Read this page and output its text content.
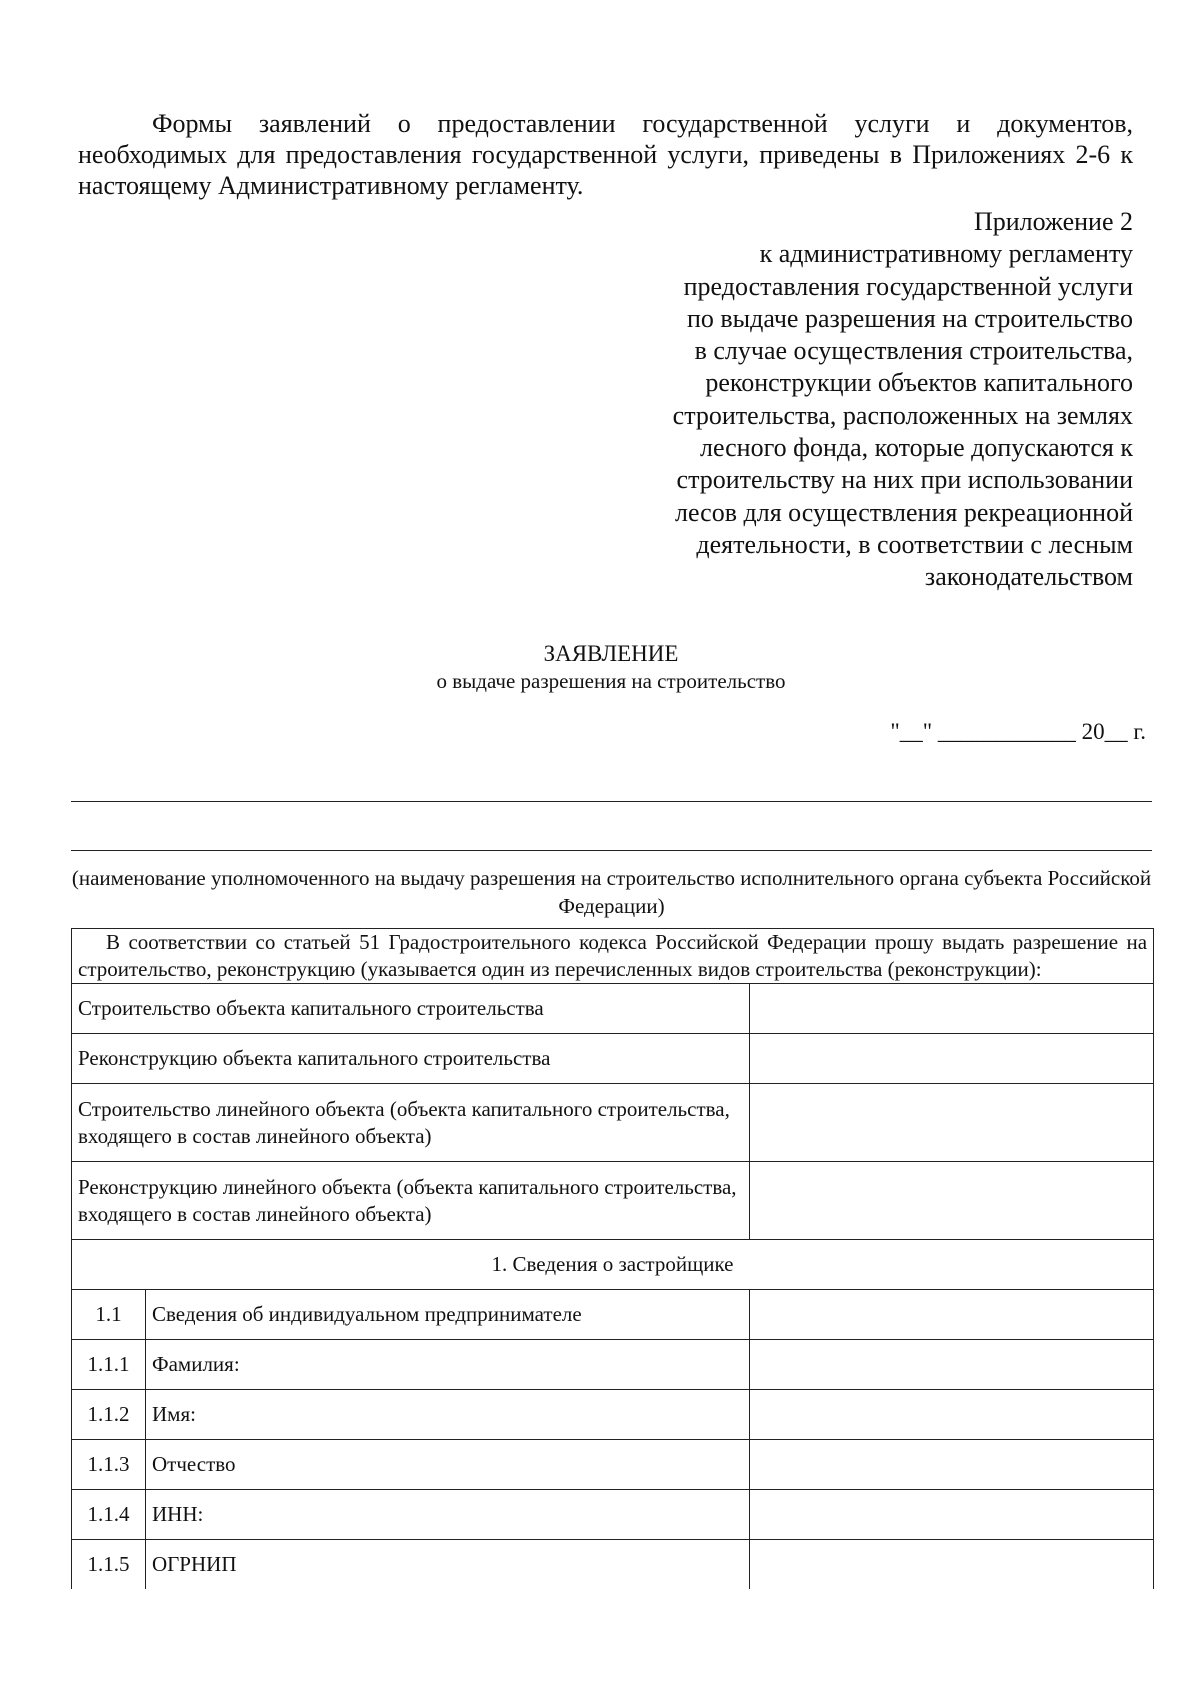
Формы заявлений о предоставлении государственной услуги и документов, необходимых для предоставления государственной услуги, приведены в Приложениях 2-6 к настоящему Административному регламенту.

Приложение 2
к административному регламенту
предоставления государственной услуги
по выдаче разрешения на строительство
в случае осуществления строительства,
реконструкции объектов капитального
строительства, расположенных на землях
лесного фонда, которые допускаются к
строительству на них при использовании
лесов для осуществления рекреационной
деятельности, в соответствии с лесным
законодательством
ЗАЯВЛЕНИЕ
о выдаче разрешения на строительство
"__" ____________ 20__ г.
(наименование уполномоченного на выдачу разрешения на строительство исполнительного органа субъекта Российской Федерации)
В соответствии со статьей 51 Градостроительного кодекса Российской Федерации прошу выдать разрешение на строительство, реконструкцию (указывается один из перечисленных видов строительства (реконструкции):		

Строительство объекта капитального строительства		
Реконструкцию объекта капитального строительства		
Строительство линейного объекта (объекта капитального строительства, входящего в состав линейного объекта)		
Реконструкцию линейного объекта (объекта капитального строительства, входящего в состав линейного объекта)		
1. Сведения о застройщике		
1.1	Сведения об индивидуальном предпринимателе	
1.1.1	Фамилия:	
1.1.2	Имя:	
1.1.3	Отчество	
1.1.4	ИНН:	
1.1.5	ОГРНИП	
